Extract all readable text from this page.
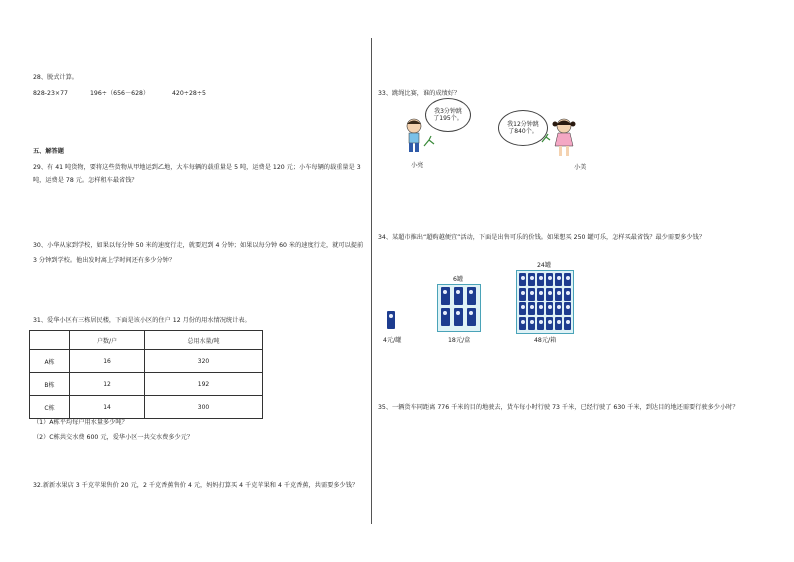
28、脱式计算。
828-23×77	196÷（656－628）	420÷28÷5
五、解答题
29、有 41 吨货物，要将这些货物从甲地运到乙地，大车每辆的载重量是 5 吨，运费是 120 元；小车每辆的载重量是 3 吨，运费是 78 元。怎样租车最省钱？
30、小华从家到学校，如果以每分钟 50 米的速度行走，就要迟到 4 分钟；如果以每分钟 60 米的速度行走，就可以提前 3 分钟到学校。他出发时离上学时间还有多少分钟？
31、爱华小区有三栋居民楼，下面是该小区的住户 12 月份的用水情况统计表。
	户数/户	总用水量/吨
A栋	16	320
B栋	12	192
C栋	14	300
（1）A栋平均每户用水量多少吨？
（2）C栋共交水费 600 元，爱华小区一共交水费多少元？
32.新新水果店 3 千克苹果售价 20 元，2 千克香蕉售价 4 元，妈妈打算买 4 千克苹果和 4 千克香蕉，共需要多少钱？
33、跳绳比赛，谁的成绩好？
我3分钟跳了195个。
小亮
我12分钟跳了840个。
小美
34、某超市推出“超购越便宜”活动，下面是出售可乐的价钱。如果想买 250 罐可乐，怎样买最省钱？最少需要多少钱？
4元/罐
6罐
18元/盒
24罐
48元/箱
35、一辆货车同距离 776 千米的目的地驶去，货车每小时行驶 73 千米，已经行驶了 630 千米，到达目的地还需要行驶多少小时？
